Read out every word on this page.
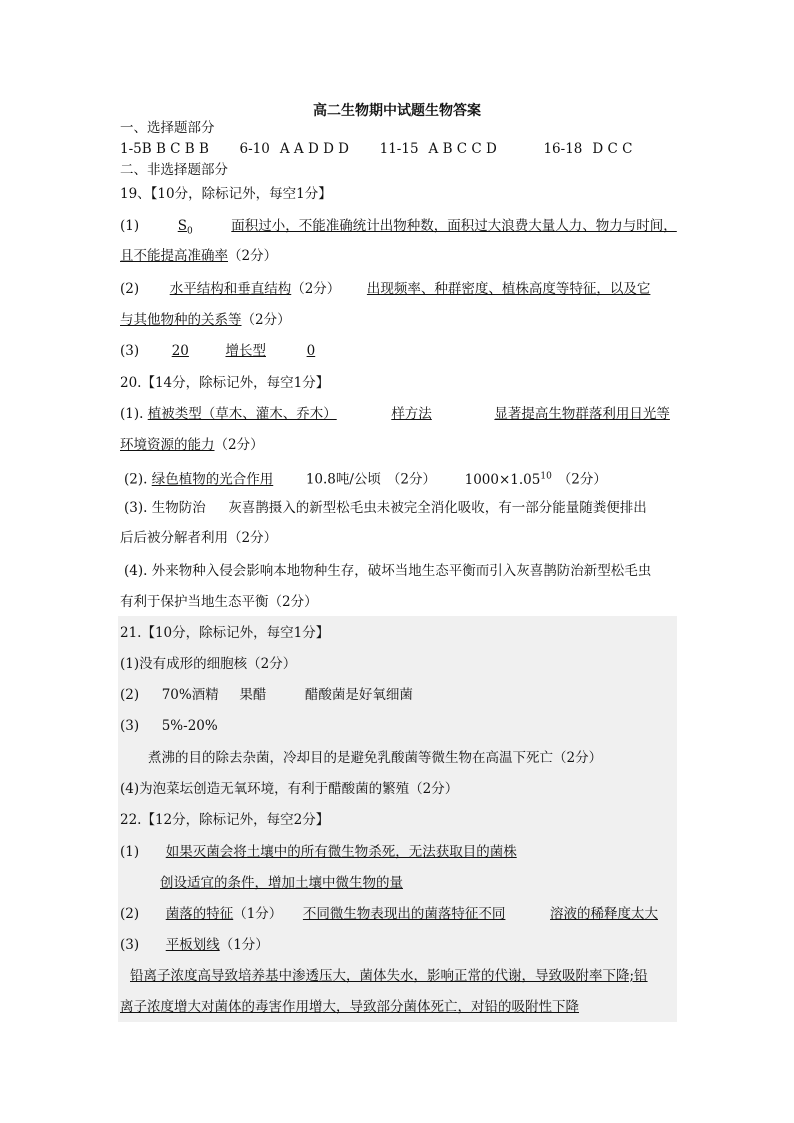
高二生物期中试题生物答案
一、选择题部分
1-5B B C B B 6-10 A A D D D 11-15 A B C C D	16-18 D C C
二、非选择题部分
19、【10分，除标记外，每空1分】
(1)	$S_0$	面积过小，不能准确统计出物种数，面积过大浪费大量人力、物力与时间，
且不能提高准确率（2分）
(2) 水平结构和垂直结构（2分） 出现频率、种群密度、植株高度等特征，以及它
与其他物种的关系等（2分）
(3) 20	增长型	0
20.【14分，除标记外，每空1分】
(1). 植被类型（草木、灌木、乔木）	样方法	显著提高生物群落利用日光等
环境资源的能力（2分）
(2). 绿色植物的光合作用 10.8吨/公顷 （2分） $1000\times 1.05^{10}$ （2分）
(3). 生物防治 灰喜鹊摄入的新型松毛虫未被完全消化吸收，有一部分能量随粪便排出
后后被分解者利用（2分）
(4). 外来物种入侵会影响本地物种生存，破坏当地生态平衡而引入灰喜鹊防治新型松毛虫
有利于保护当地生态平衡（2分）
21.【10分，除标记外，每空1分】
(1)没有成形的细胞核（2分）
(2) 70%酒精 果醋	醋酸菌是好氧细菌
(3) 5%-20%
煮沸的目的除去杂菌，冷却目的是避免乳酸菌等微生物在高温下死亡（2分）
(4)为泡菜坛创造无氧环境，有利于醋酸菌的繁殖（2分）
22.【12分，除标记外，每空2分】
(1) 如果灭菌会将土壤中的所有微生物杀死，无法获取目的菌株
创设适宜的条件，增加土壤中微生物的量
(2) 菌落的特征（1分） 不同微生物表现出的菌落特征不同	溶液的稀释度太大
(3) 平板划线（1分）
铅离子浓度高导致培养基中渗透压大，菌体失水，影响正常的代谢，导致吸附率下降;铅
离子浓度增大对菌体的毒害作用增大，导致部分菌体死亡，对铅的吸附性下降
